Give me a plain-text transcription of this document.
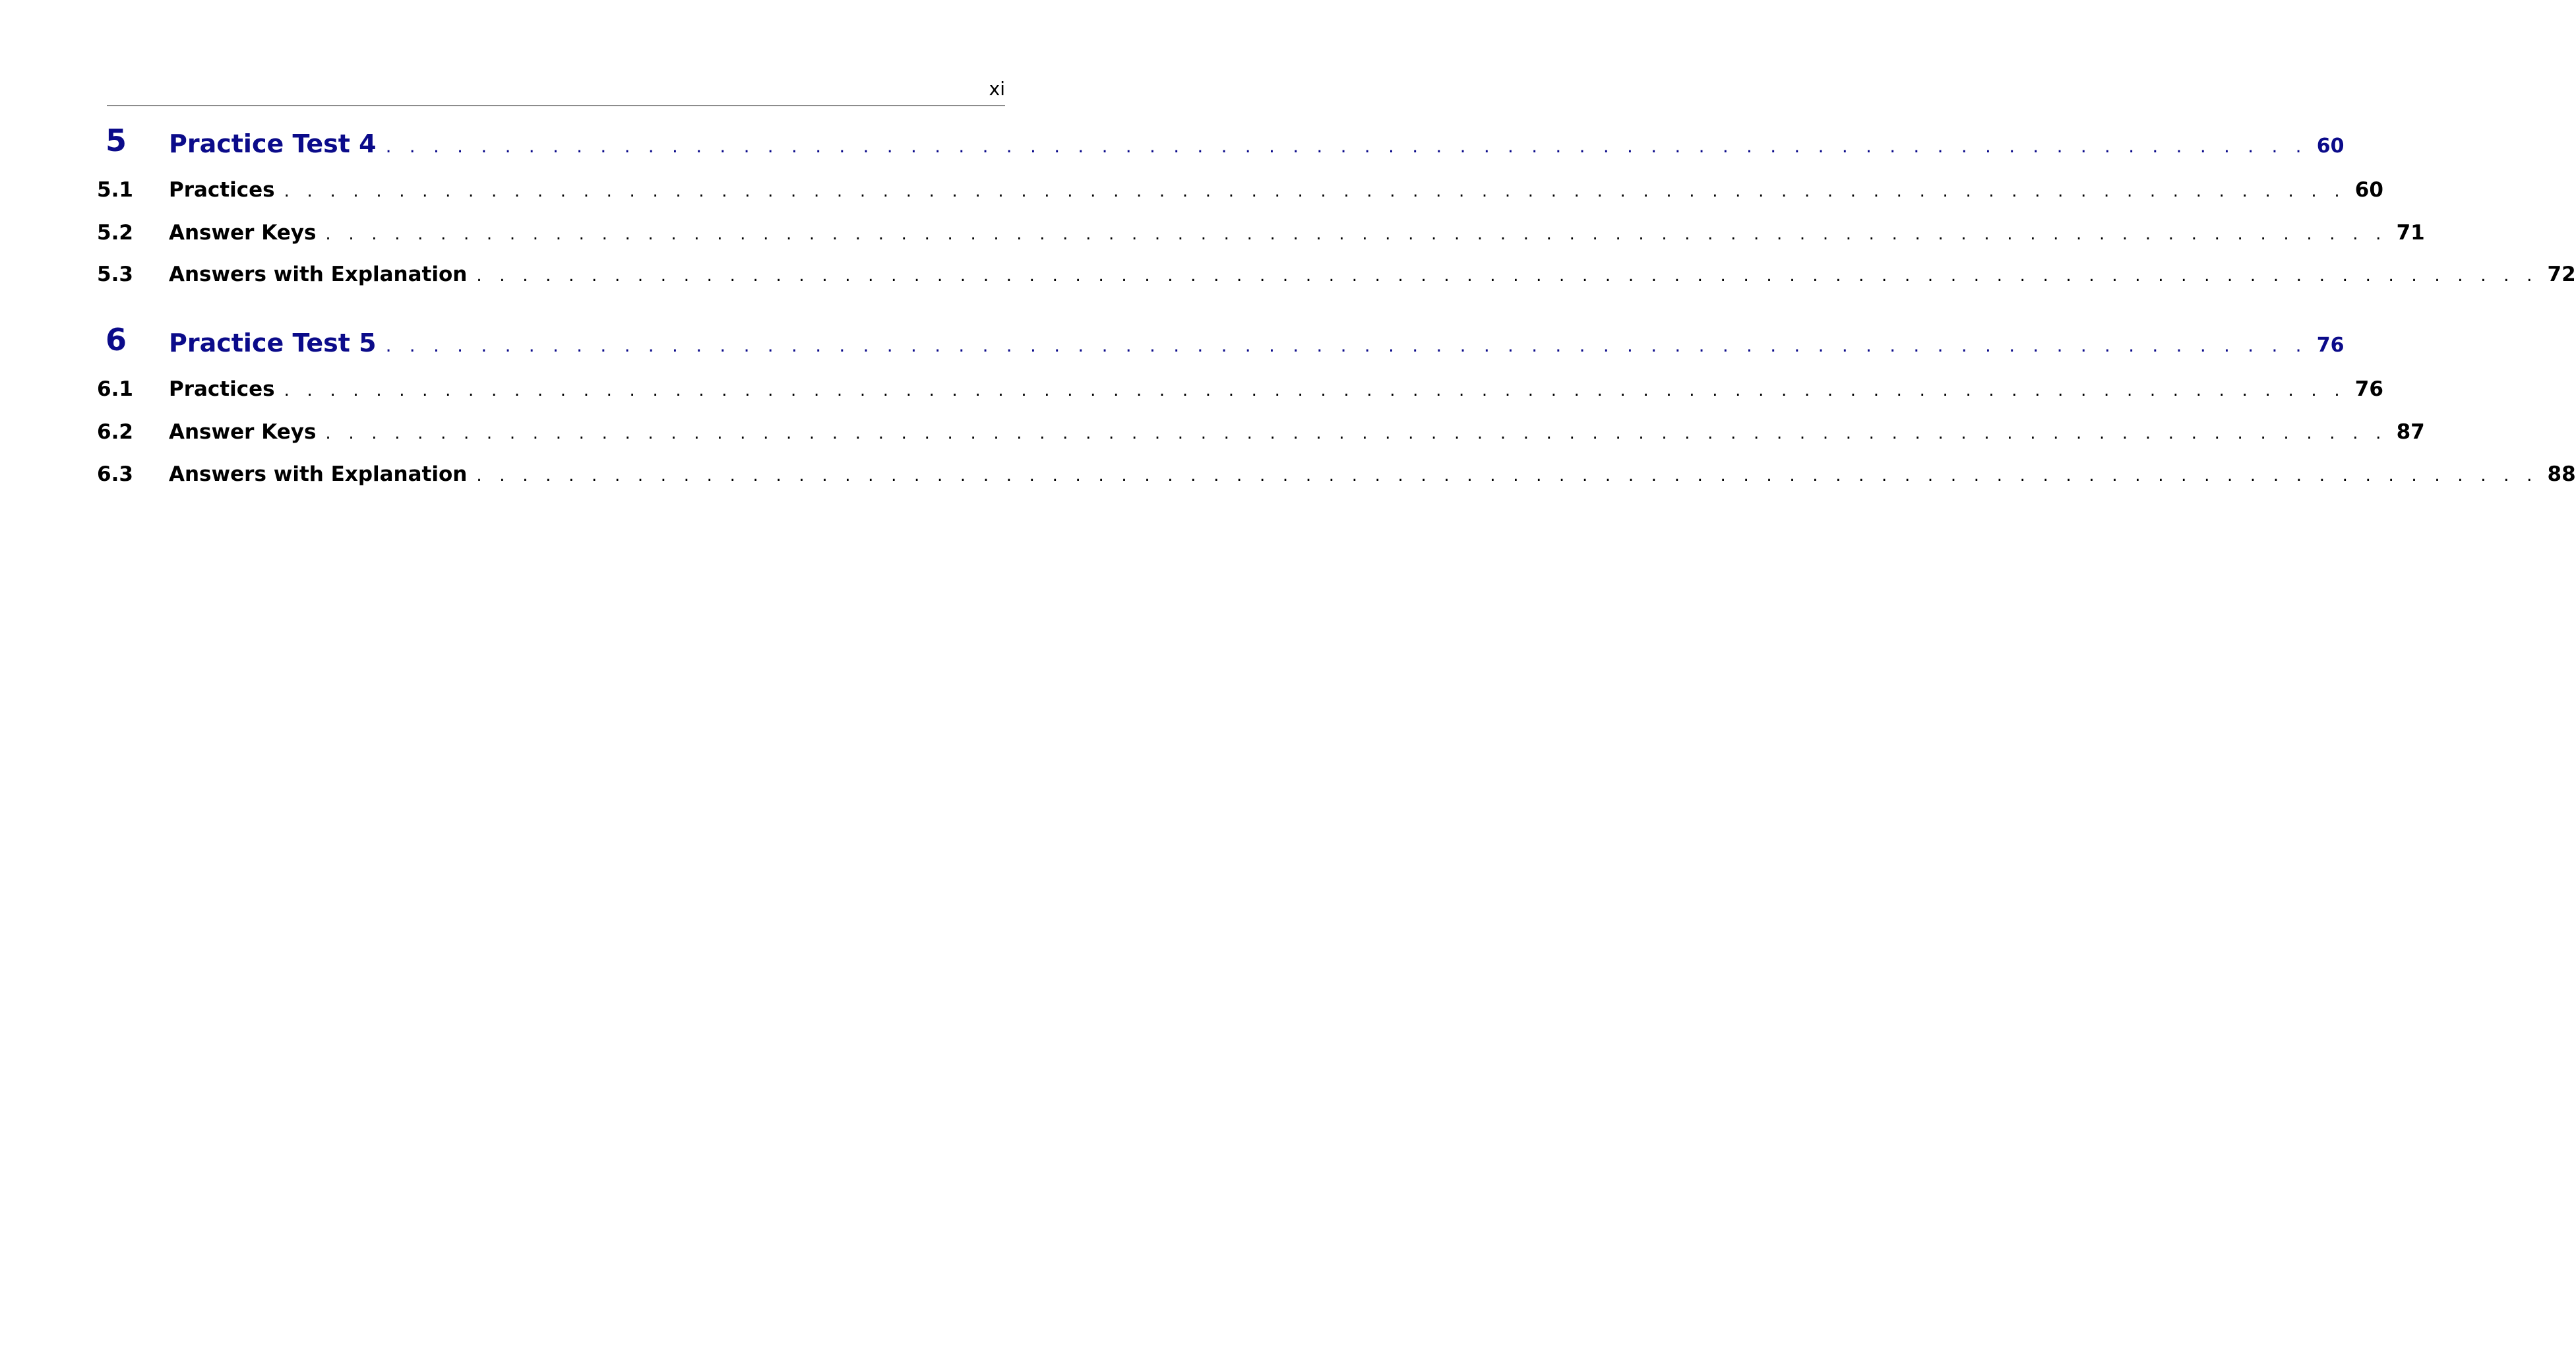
xi
5 Practice Test 4 . . . . . . . . . . . . . . . . . . . . . . . . . . . . . . . . . . . . . . . . . . . . . . . . . . . . . . . . . . . . . . . . . . . . . . . . . . . . . . . . . 60
5.1 Practices . . . . . . . . . . . . . . . . . . . . . . . . . . . . . . . . . . . . . . . . . . . . . . . . . . . . . . . . . . . . . . . . . . . . . . . . . . . . . . . . . . . . . . . . . . 60
5.2 Answer Keys . . . . . . . . . . . . . . . . . . . . . . . . . . . . . . . . . . . . . . . . . . . . . . . . . . . . . . . . . . . . . . . . . . . . . . . . . . . . . . . . . . . . . . . . . . 71
5.3 Answers with Explanation . . . . . . . . . . . . . . . . . . . . . . . . . . . . . . . . . . . . . . . . . . . . . . . . . . . . . . . . . . . . . . . . . . . . . . . . . . . . . . . . . . . . . . . . . . 72
6 Practice Test 5 . . . . . . . . . . . . . . . . . . . . . . . . . . . . . . . . . . . . . . . . . . . . . . . . . . . . . . . . . . . . . . . . . . . . . . . . . . . . . . . . . 76
6.1 Practices . . . . . . . . . . . . . . . . . . . . . . . . . . . . . . . . . . . . . . . . . . . . . . . . . . . . . . . . . . . . . . . . . . . . . . . . . . . . . . . . . . . . . . . . . . 76
6.2 Answer Keys . . . . . . . . . . . . . . . . . . . . . . . . . . . . . . . . . . . . . . . . . . . . . . . . . . . . . . . . . . . . . . . . . . . . . . . . . . . . . . . . . . . . . . . . . . 87
6.3 Answers with Explanation . . . . . . . . . . . . . . . . . . . . . . . . . . . . . . . . . . . . . . . . . . . . . . . . . . . . . . . . . . . . . . . . . . . . . . . . . . . . . . . . . . . . . . . . . . 88
